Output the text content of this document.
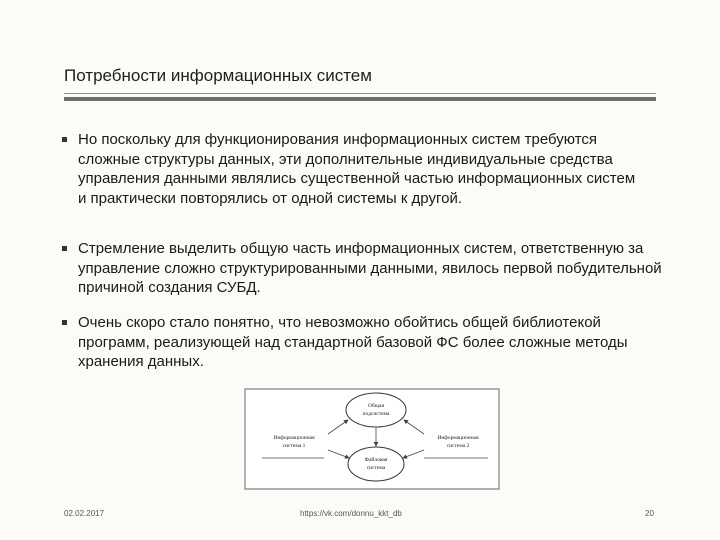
Потребности информационных систем
Но поскольку для функционирования информационных систем требуются сложные структуры данных, эти дополнительные индивидуальные средства управления данными являлись существенной частью информационных систем и практически повторялись от одной системы к другой.
Стремление выделить общую часть информационных систем, ответственную за управление сложно структурированными данными, явилось первой побудительной причиной создания СУБД.
Очень скоро стало понятно, что невозможно обойтись общей библиотекой программ, реализующей над стандартной базовой ФС более сложные методы хранения данных.
Общая
подсистема
Файловая
система
Информационная
система 1
Информационная
система 2
02.02.2017	https://vk.com/donnu_kkt_db	20
